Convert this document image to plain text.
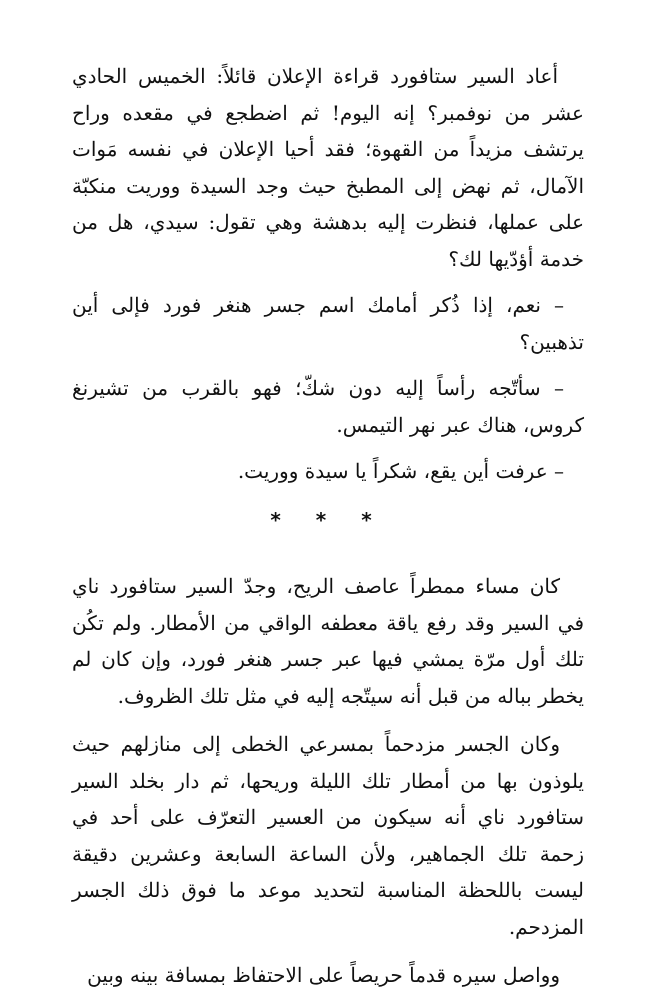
أعاد السير ستافورد قراءة الإعلان قائلاً: الخميس الحادي عشر من نوفمبر؟ إنه اليوم! ثم اضطجع في مقعده وراح يرتشف مزيداً من القهوة؛ فقد أحيا الإعلان في نفسه مَوات الآمال، ثم نهض إلى المطبخ حيث وجد السيدة ووريت منكبّة على عملها، فنظرت إليه بدهشة وهي تقول: سيدي، هل من خدمة أؤدّيها لك؟

– نعم، إذا ذُكر أمامك اسم جسر هنغر فورد فإلى أين تذهبين؟

– سأتّجه رأساً إليه دون شكّ؛ فهو بالقرب من تشيرنغ كروس، هناك عبر نهر التيمس.

– عرفت أين يقع، شكراً يا سيدة ووريت.

* * *

كان مساء ممطراً عاصف الريح، وجدّ السير ستافورد ناي في السير وقد رفع ياقة معطفه الواقي من الأمطار. ولم تكُن تلك أول مرّة يمشي فيها عبر جسر هنغر فورد، وإن كان لم يخطر بباله من قبل أنه سيتّجه إليه في مثل تلك الظروف.

وكان الجسر مزدحماً بمسرعي الخطى إلى منازلهم حيث يلوذون بها من أمطار تلك الليلة وريحها، ثم دار بخلد السير ستافورد ناي أنه سيكون من العسير التعرّف على أحد في زحمة تلك الجماهير، ولأن الساعة السابعة وعشرين دقيقة ليست باللحظة المناسبة لتحديد موعد ما فوق ذلك الجسر المزدحم.

وواصل سيره قدماً حريصاً على الاحتفاظ بمسافة بينه وبين
